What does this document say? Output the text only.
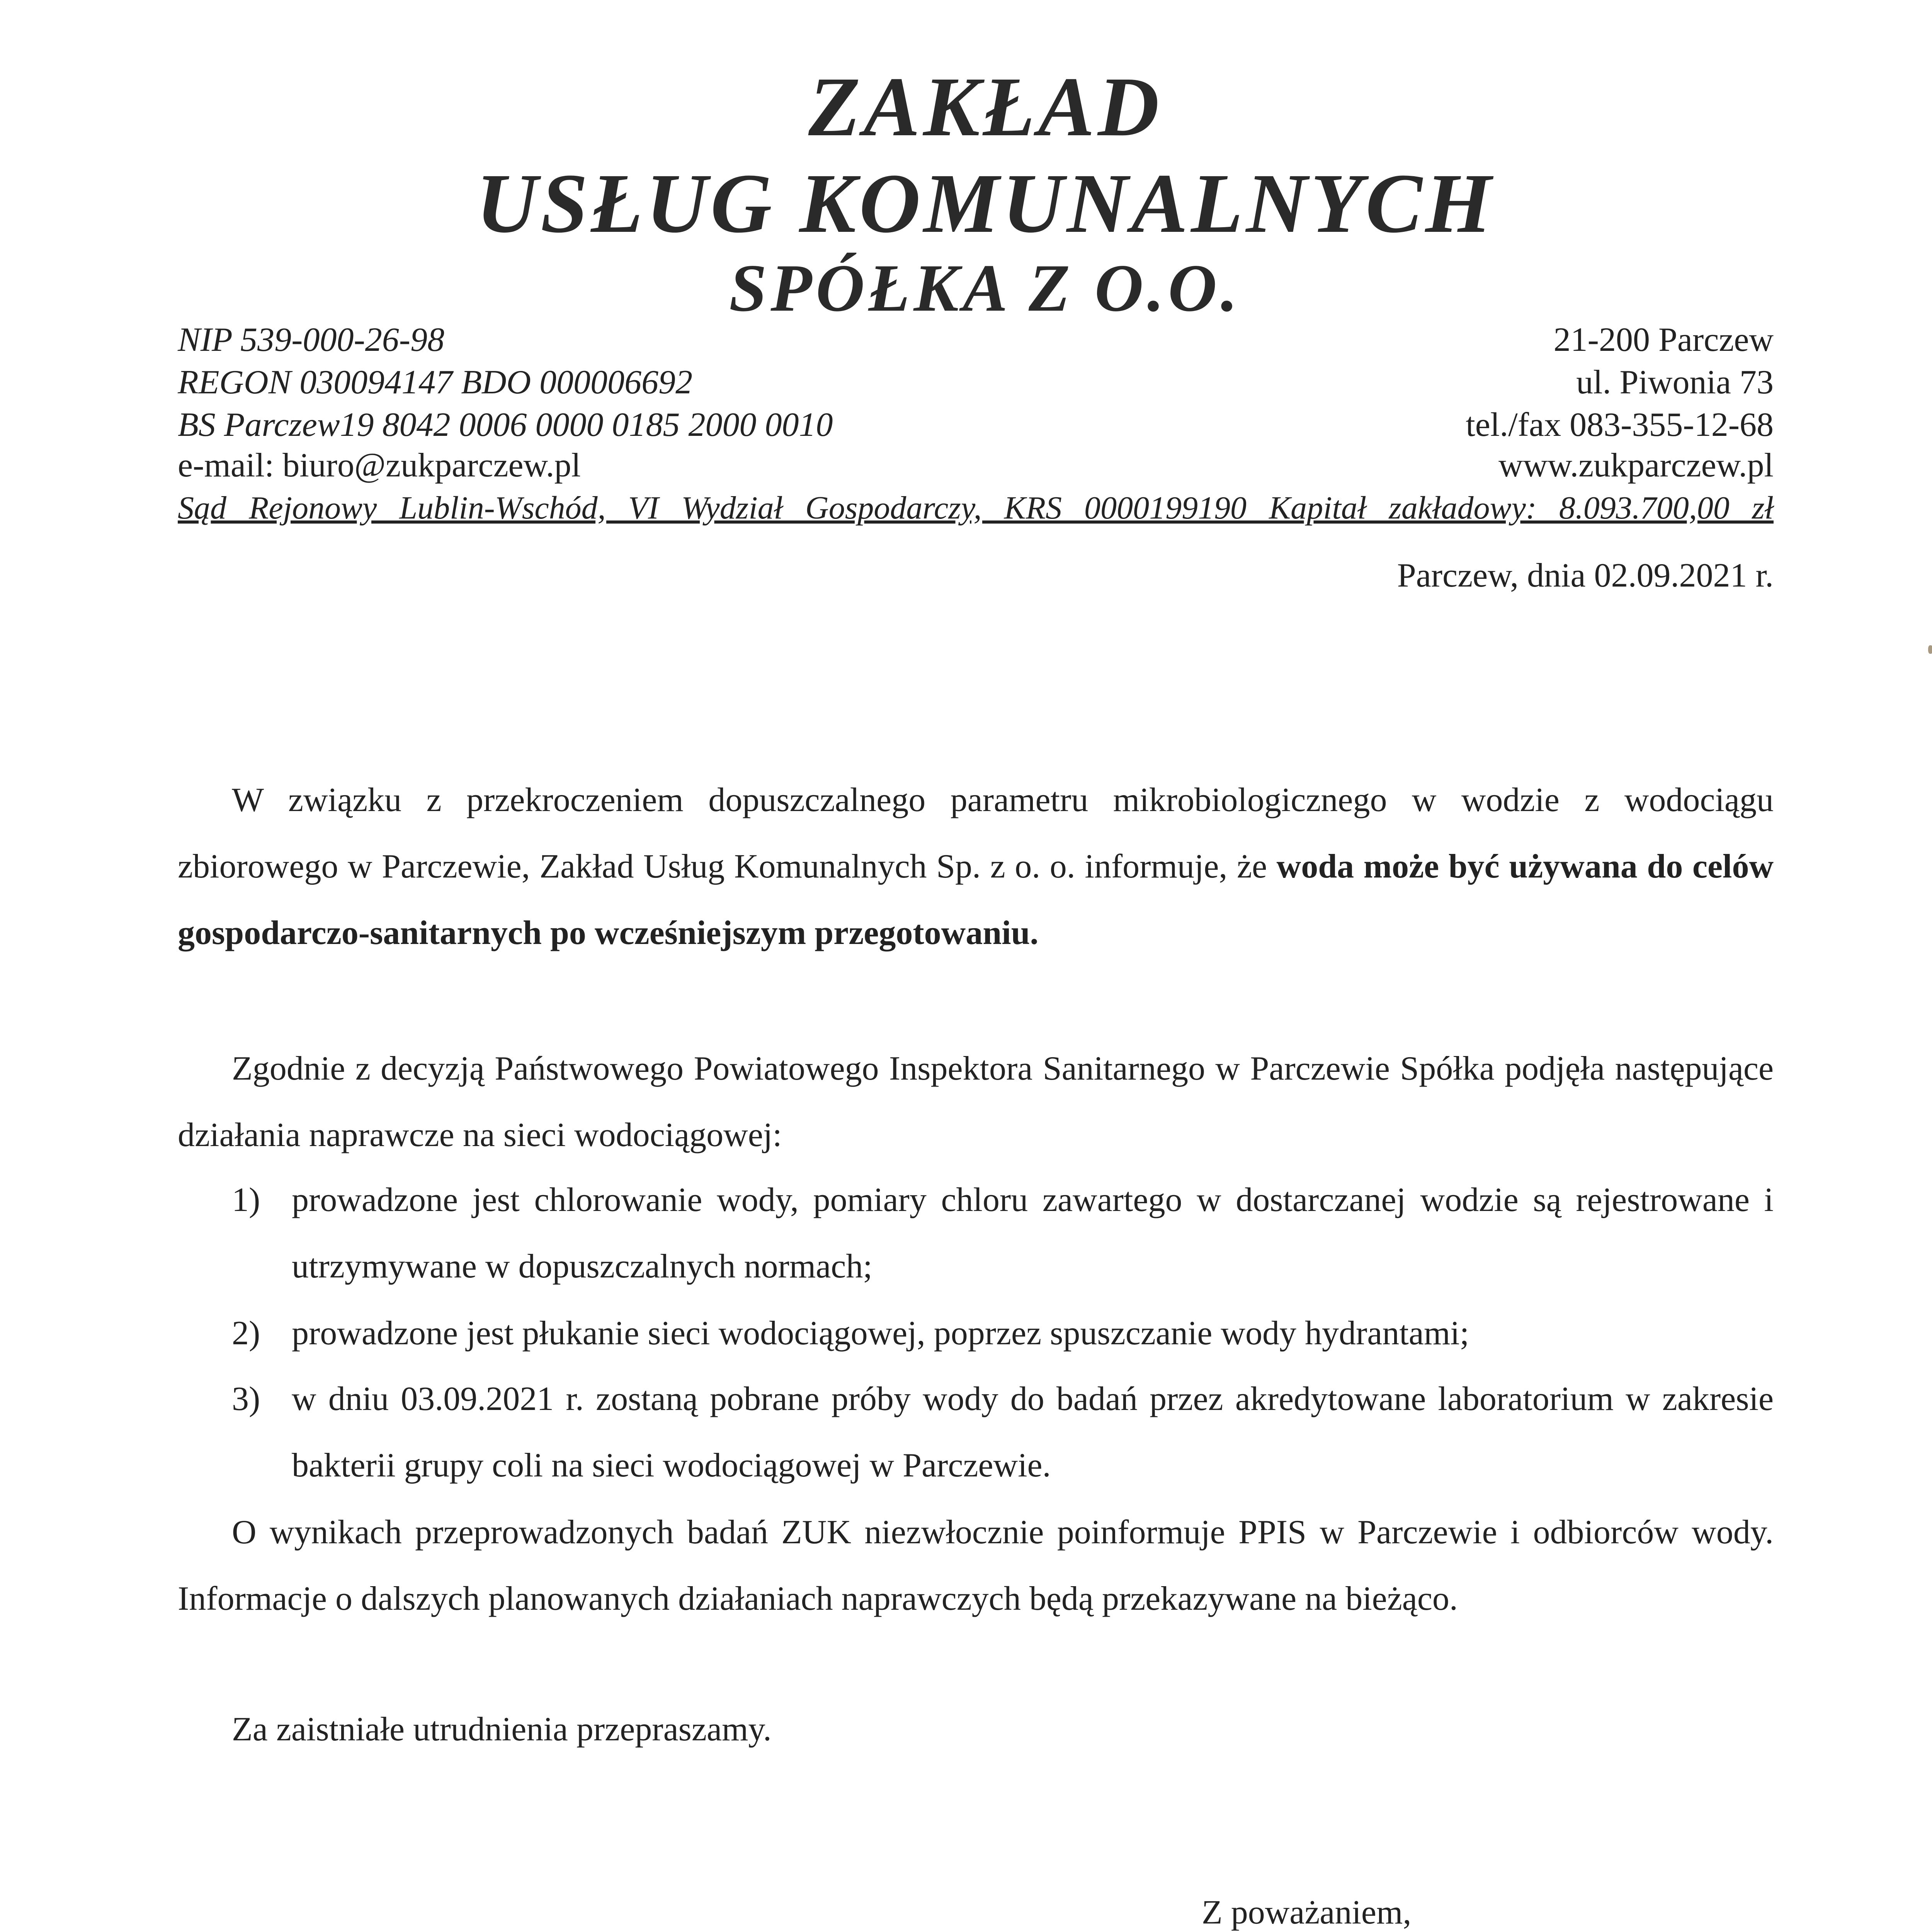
ZAKŁAD
USŁUG KOMUNALNYCH
SPÓŁKA Z O.O.
NIP 539-000-26-98
REGON 030094147 BDO 000006692
BS Parczew19 8042 0006 0000 0185 2000 0010
e-mail: biuro@zukparczew.pl
21-200 Parczew
ul. Piwonia 73
tel./fax 083-355-12-68
www.zukparczew.pl
Sąd Rejonowy Lublin-Wschód, VI Wydział Gospodarczy, KRS 0000199190 Kapitał zakładowy: 8.093.700,00 zł
Parczew, dnia 02.09.2021 r.
W związku z przekroczeniem dopuszczalnego parametru mikrobiologicznego w wodzie z wodociągu zbiorowego w Parczewie, Zakład Usług Komunalnych Sp. z o. o. informuje, że woda może być używana do celów gospodarczo-sanitarnych po wcześniejszym przegotowaniu.
Zgodnie z decyzją Państwowego Powiatowego Inspektora Sanitarnego w Parczewie Spółka podjęła następujące działania naprawcze na sieci wodociągowej:
1) prowadzone jest chlorowanie wody, pomiary chloru zawartego w dostarczanej wodzie są rejestrowane i utrzymywane w dopuszczalnych normach;
2) prowadzone jest płukanie sieci wodociągowej, poprzez spuszczanie wody hydrantami;
3) w dniu 03.09.2021 r. zostaną pobrane próby wody do badań przez akredytowane laboratorium w zakresie bakterii grupy coli na sieci wodociągowej w Parczewie.
O wynikach przeprowadzonych badań ZUK niezwłocznie poinformuje PPIS w Parczewie i odbiorców wody. Informacje o dalszych planowanych działaniach naprawczych będą przekazywane na bieżąco.
Za zaistniałe utrudnienia przepraszamy.
Z poważaniem,
